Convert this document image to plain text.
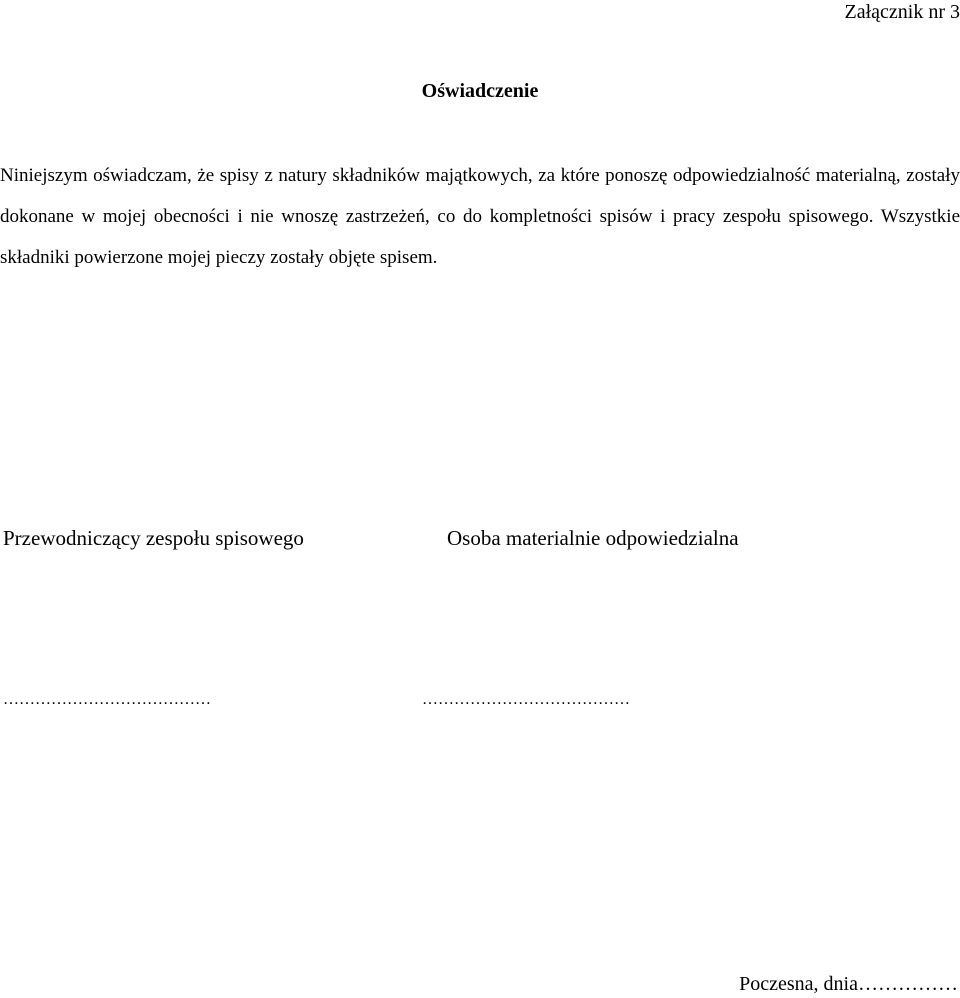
Załącznik nr 3
Oświadczenie

Niniejszym oświadczam, że spisy z natury składników majątkowych, za które ponoszę odpowiedzialność materialną, zostały dokonane w mojej obecności i nie wnoszę zastrzeżeń, co do kompletności spisów i pracy zespołu spisowego. Wszystkie składniki powierzone mojej pieczy zostały objęte spisem.

Przewodniczący zespołu spisowego	Osoba materialnie odpowiedzialna
…………………………………	…………………………………
Poczesna, dnia……………
